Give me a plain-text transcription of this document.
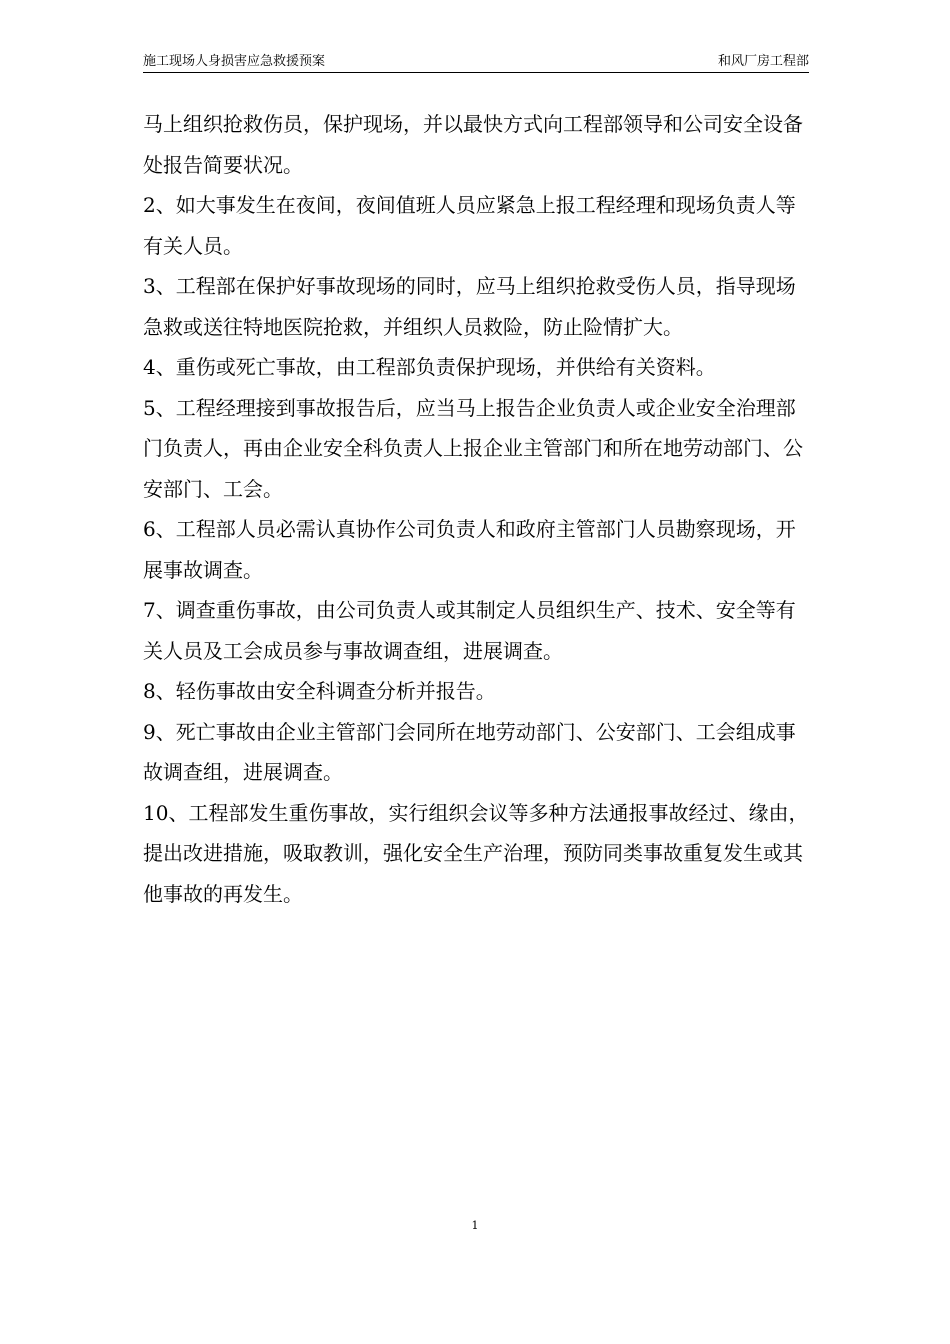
施工现场人身损害应急救援预案	和风厂房工程部

马上组织抢救伤员，保护现场，并以最快方式向工程部领导和公司安全设备处报告简要状况。

2、如大事发生在夜间，夜间值班人员应紧急上报工程经理和现场负责人等有关人员。

3、工程部在保护好事故现场的同时，应马上组织抢救受伤人员，指导现场急救或送往特地医院抢救，并组织人员救险，防止险情扩大。

4、重伤或死亡事故，由工程部负责保护现场，并供给有关资料。

5、工程经理接到事故报告后，应当马上报告企业负责人或企业安全治理部门负责人，再由企业安全科负责人上报企业主管部门和所在地劳动部门、公安部门、工会。

6、工程部人员必需认真协作公司负责人和政府主管部门人员勘察现场，开展事故调查。

7、调查重伤事故，由公司负责人或其制定人员组织生产、技术、安全等有关人员及工会成员参与事故调查组，进展调查。

8、轻伤事故由安全科调查分析并报告。

9、死亡事故由企业主管部门会同所在地劳动部门、公安部门、工会组成事故调查组，进展调查。

10、工程部发生重伤事故，实行组织会议等多种方法通报事故经过、缘由，提出改进措施，吸取教训，强化安全生产治理，预防同类事故重复发生或其他事故的再发生。

1
